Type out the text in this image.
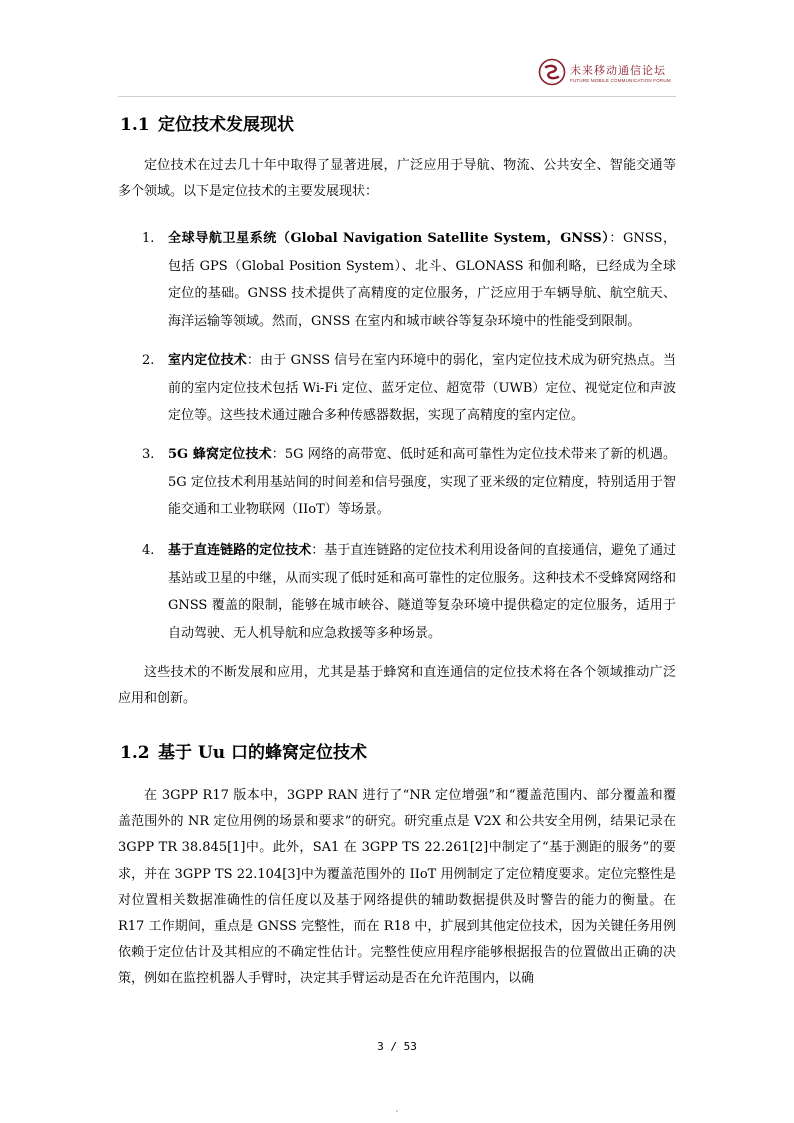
未来移动通信论坛
FUTURE MOBILE COMMUNICATION FORUM
1.1 定位技术发展现状
定位技术在过去几十年中取得了显著进展，广泛应用于导航、物流、公共安全、智能交通等多个领域。以下是定位技术的主要发展现状：
1. 全球导航卫星系统（Global Navigation Satellite System，GNSS）：GNSS，包括 GPS（Global Position System）、北斗、GLONASS 和伽利略，已经成为全球定位的基础。GNSS 技术提供了高精度的定位服务，广泛应用于车辆导航、航空航天、海洋运输等领域。然而，GNSS 在室内和城市峡谷等复杂环境中的性能受到限制。
2. 室内定位技术：由于 GNSS 信号在室内环境中的弱化，室内定位技术成为研究热点。当前的室内定位技术包括 Wi-Fi 定位、蓝牙定位、超宽带（UWB）定位、视觉定位和声波定位等。这些技术通过融合多种传感器数据，实现了高精度的室内定位。
3. 5G 蜂窝定位技术：5G 网络的高带宽、低时延和高可靠性为定位技术带来了新的机遇。5G 定位技术利用基站间的时间差和信号强度，实现了亚米级的定位精度，特别适用于智能交通和工业物联网（IIoT）等场景。
4. 基于直连链路的定位技术：基于直连链路的定位技术利用设备间的直接通信，避免了通过基站或卫星的中继，从而实现了低时延和高可靠性的定位服务。这种技术不受蜂窝网络和 GNSS 覆盖的限制，能够在城市峡谷、隧道等复杂环境中提供稳定的定位服务，适用于自动驾驶、无人机导航和应急救援等多种场景。
这些技术的不断发展和应用，尤其是基于蜂窝和直连通信的定位技术将在各个领域推动广泛应用和创新。
1.2 基于 Uu 口的蜂窝定位技术
在 3GPP R17 版本中，3GPP RAN 进行了“NR 定位增强”和“覆盖范围内、部分覆盖和覆盖范围外的 NR 定位用例的场景和要求”的研究。研究重点是 V2X 和公共安全用例，结果记录在 3GPP TR 38.845[1]中。此外，SA1 在 3GPP TS 22.261[2]中制定了“基于测距的服务”的要求，并在 3GPP TS 22.104[3]中为覆盖范围外的 IIoT 用例制定了定位精度要求。定位完整性是对位置相关数据准确性的信任度以及基于网络提供的辅助数据提供及时警告的能力的衡量。在 R17 工作期间，重点是 GNSS 完整性，而在 R18 中，扩展到其他定位技术，因为关键任务用例依赖于定位估计及其相应的不确定性估计。完整性使应用程序能够根据报告的位置做出正确的决策，例如在监控机器人手臂时，决定其手臂运动是否在允许范围内，以确
3 / 53
